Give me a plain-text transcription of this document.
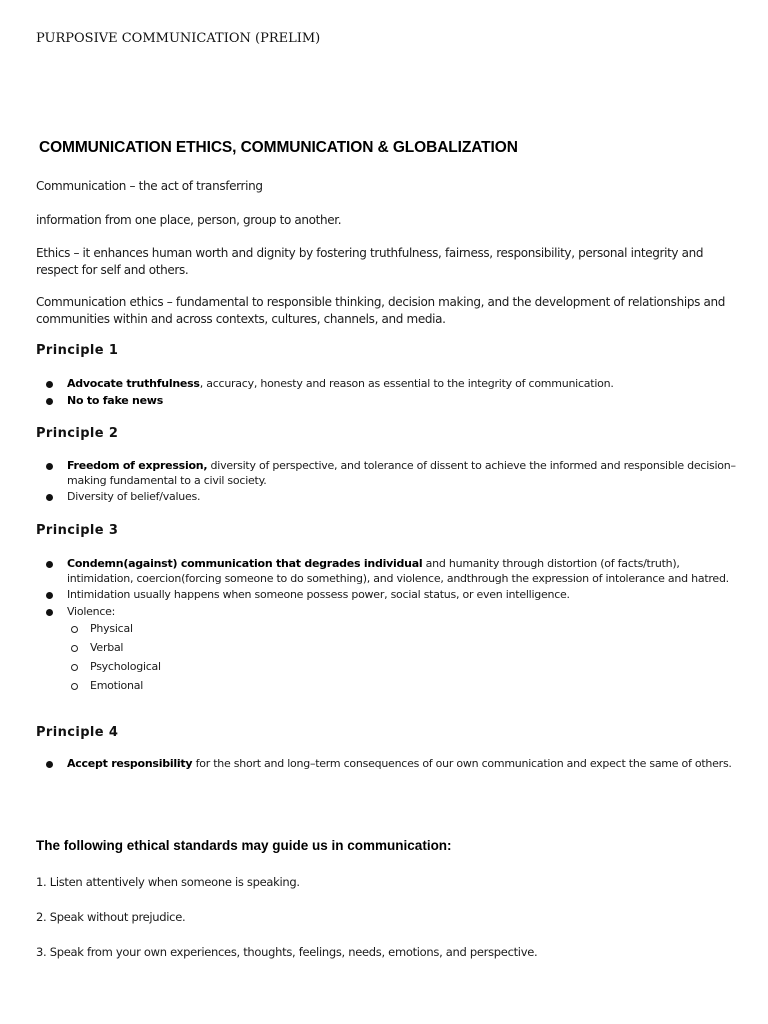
PURPOSIVE COMMUNICATION (PRELIM)
COMMUNICATION ETHICS, COMMUNICATION & GLOBALIZATION
Communication – the act of transferring
information from one place, person, group to another.
Ethics – it enhances human worth and dignity by fostering truthfulness, fairness, responsibility, personal integrity and respect for self and others.
Communication ethics – fundamental to responsible thinking, decision making, and the development of relationships and communities within and across contexts, cultures, channels, and media.
Principle 1
Advocate truthfulness, accuracy, honesty and reason as essential to the integrity of communication.
No to fake news
Principle 2
Freedom of expression, diversity of perspective, and tolerance of dissent to achieve the informed and responsible decision–making fundamental to a civil society.
Diversity of belief/values.
Principle 3
Condemn(against) communication that degrades individual and humanity through distortion (of facts/truth), intimidation, coercion(forcing someone to do something), and violence, andthrough the expression of intolerance and hatred.
Intimidation usually happens when someone possess power, social status, or even intelligence.
Violence:
Physical
Verbal
Psychological
Emotional
Principle 4
Accept responsibility for the short and long–term consequences of our own communication and expect the same of others.
The following ethical standards may guide us in communication:
1. Listen attentively when someone is speaking.
2. Speak without prejudice.
3. Speak from your own experiences, thoughts, feelings, needs, emotions, and perspective.
